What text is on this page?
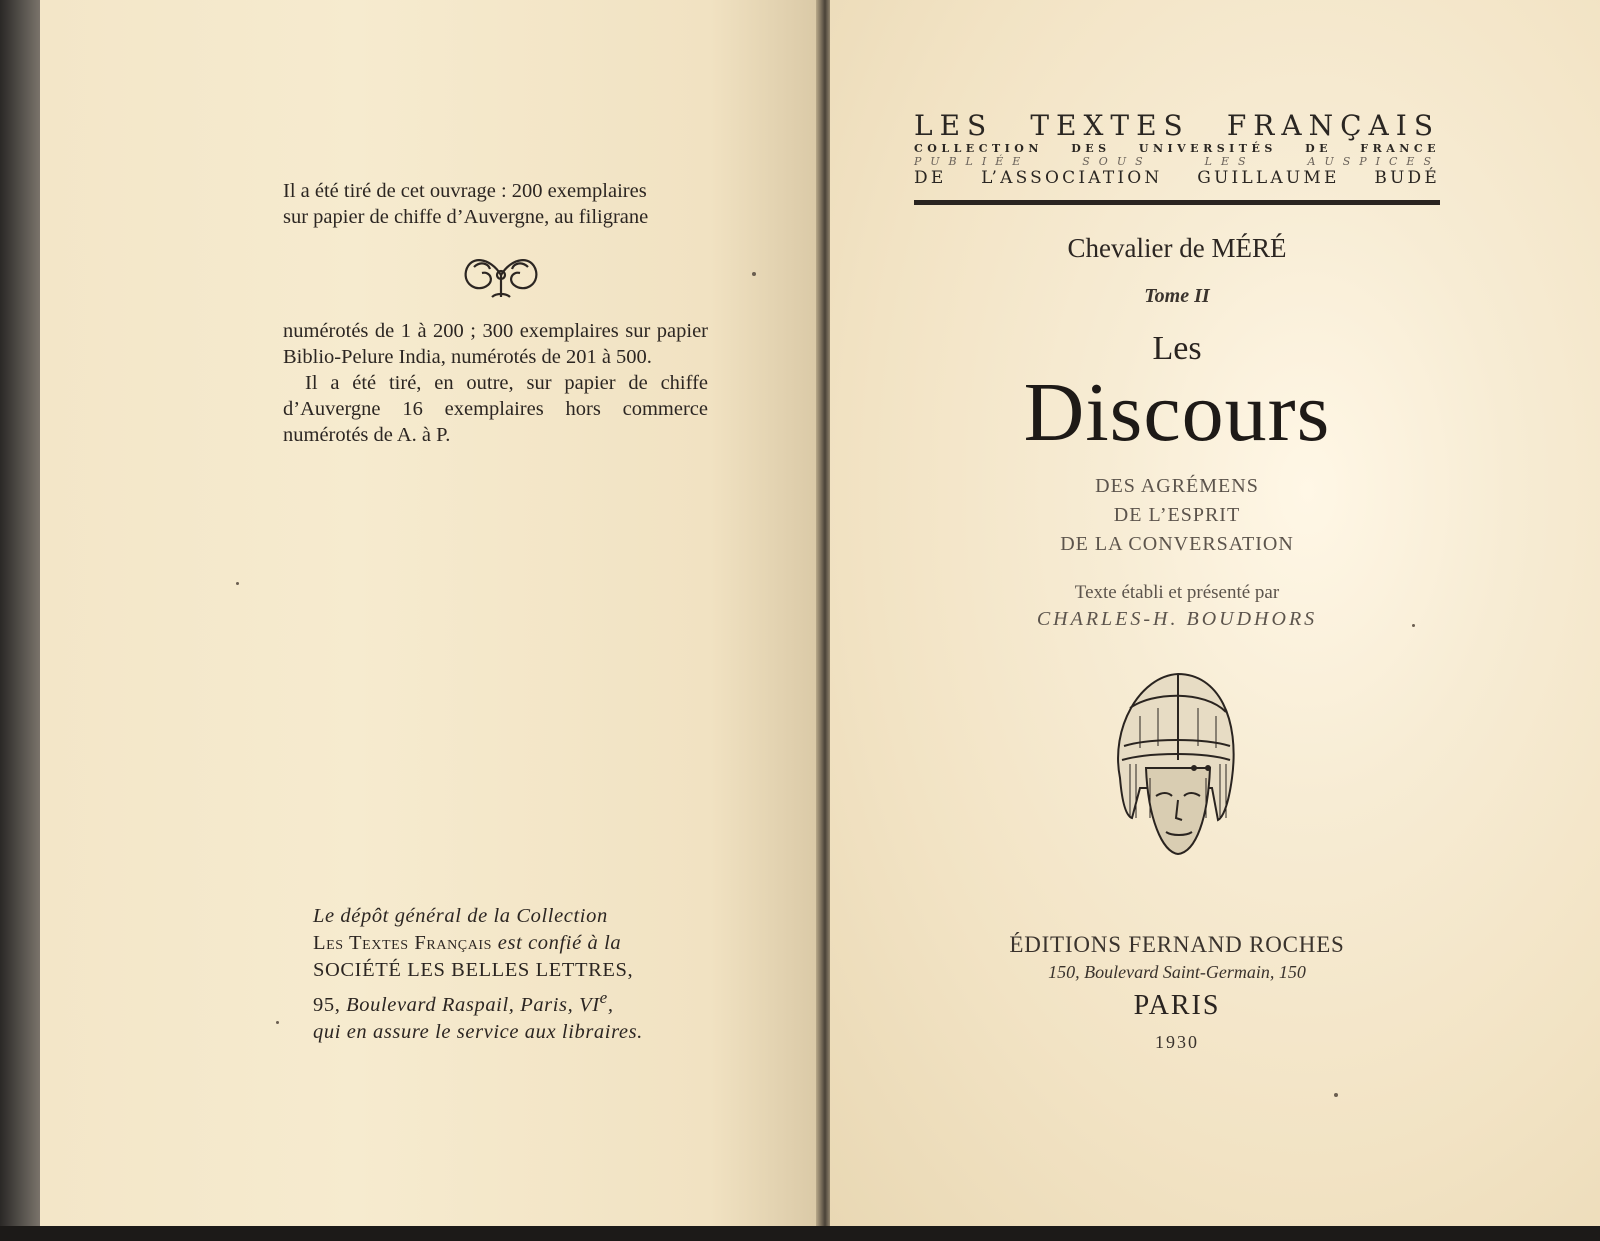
Il a été tiré de cet ouvrage : 200 exemplaires

sur papier de chiffe d’Auvergne, au filigrane

numérotés de 1 à 200 ; 300 exemplaires sur papier Biblio-Pelure India, numérotés de 201 à 500.

Il a été tiré, en outre, sur papier de chiffe d’Auvergne 16 exemplaires hors commerce numérotés de A. à P.

Le dépôt général de la Collection

Les Textes Français est confié à la

SOCIÉTÉ LES BELLES LETTRES,

95, Boulevard Raspail, Paris, VIe,

qui en assure le service aux libraires.

LES TEXTES FRANÇAIS
COLLECTION DES UNIVERSITÉS DE FRANCE
PUBLIÉE SOUS LES AUSPICES
DE L’ASSOCIATION GUILLAUME BUDÉ
Chevalier de MÉRÉ
Tome II
Les
Discours
DES AGRÉMENS
DE L’ESPRIT
DE LA CONVERSATION
Texte établi et présenté par
CHARLES-H. BOUDHORS
ÉDITIONS FERNAND ROCHES
150, Boulevard Saint-Germain, 150
PARIS
1930
